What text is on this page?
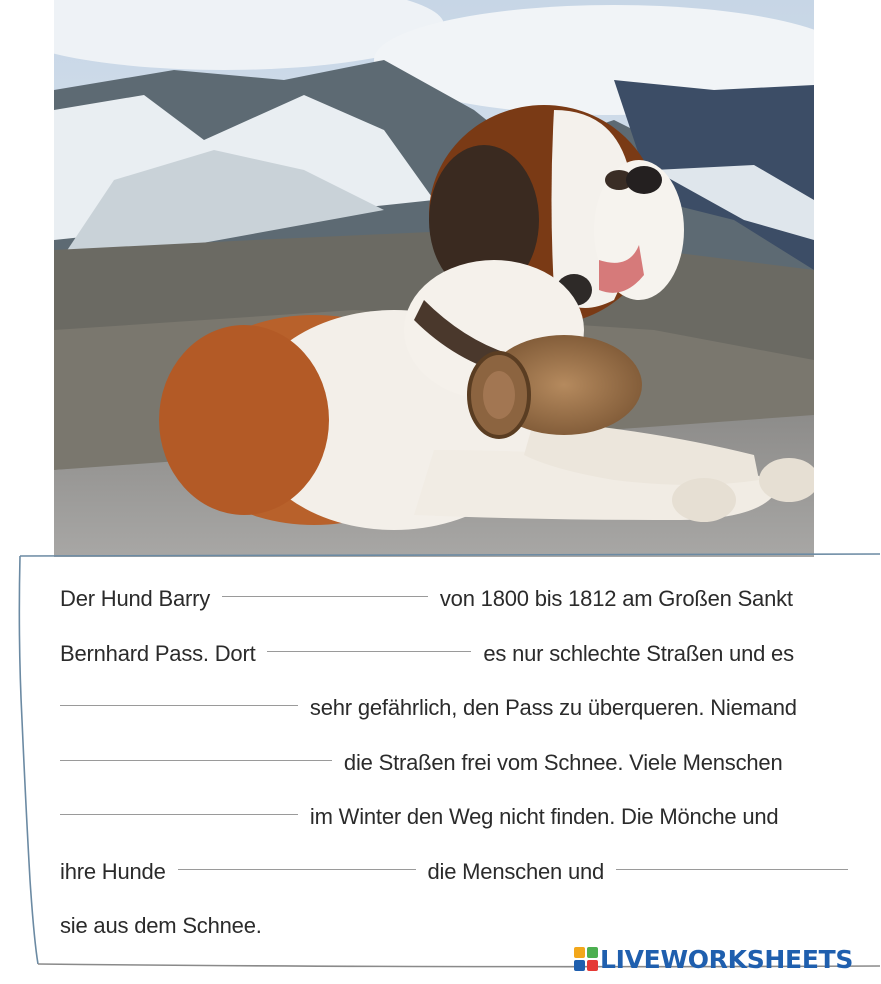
Der Hund Barry	von 1800 bis 1812 am Großen Sankt
Bernhard Pass. Dort	es nur schlechte Straßen und es
sehr gefährlich, den Pass zu überqueren. Niemand
die Straßen frei vom Schnee. Viele Menschen
im Winter den Weg nicht finden. Die Mönche und
ihre Hunde	die Menschen und
sie aus dem Schnee.
LIVEWORKSHEETS
